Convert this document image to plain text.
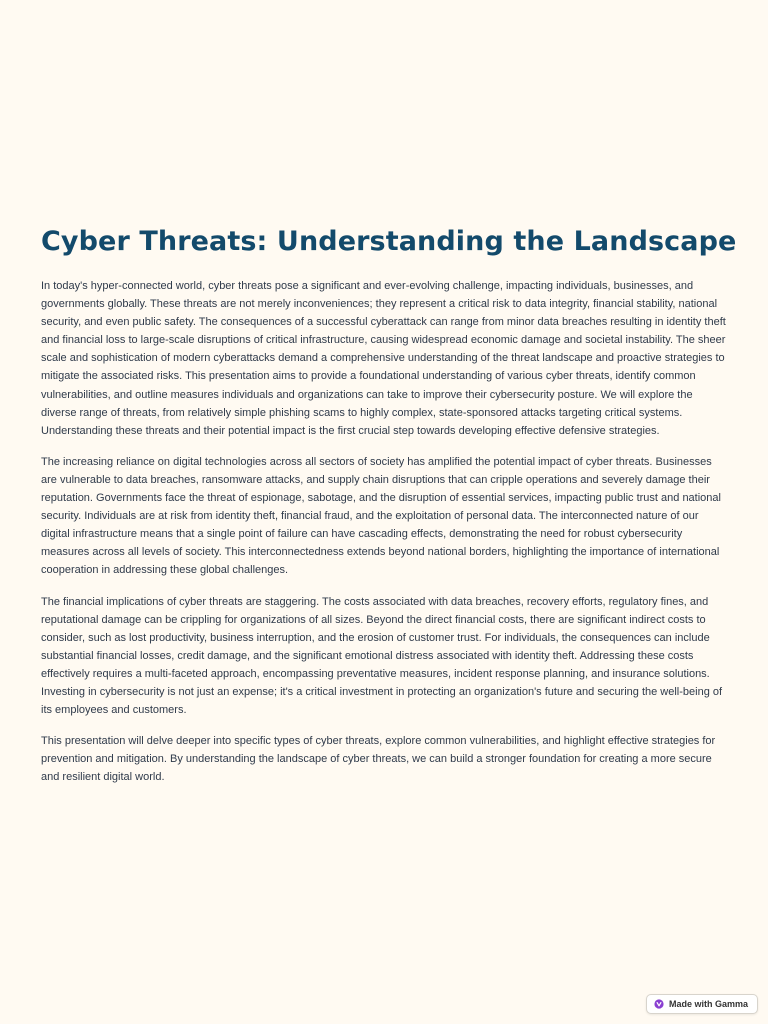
Cyber Threats: Understanding the Landscape

In today's hyper-connected world, cyber threats pose a significant and ever-evolving challenge, impacting individuals, businesses, and governments globally. These threats are not merely inconveniences; they represent a critical risk to data integrity, financial stability, national security, and even public safety. The consequences of a successful cyberattack can range from minor data breaches resulting in identity theft and financial loss to large-scale disruptions of critical infrastructure, causing widespread economic damage and societal instability. The sheer scale and sophistication of modern cyberattacks demand a comprehensive understanding of the threat landscape and proactive strategies to mitigate the associated risks. This presentation aims to provide a foundational understanding of various cyber threats, identify common vulnerabilities, and outline measures individuals and organizations can take to improve their cybersecurity posture. We will explore the diverse range of threats, from relatively simple phishing scams to highly complex, state-sponsored attacks targeting critical systems. Understanding these threats and their potential impact is the first crucial step towards developing effective defensive strategies.

The increasing reliance on digital technologies across all sectors of society has amplified the potential impact of cyber threats. Businesses are vulnerable to data breaches, ransomware attacks, and supply chain disruptions that can cripple operations and severely damage their reputation. Governments face the threat of espionage, sabotage, and the disruption of essential services, impacting public trust and national security. Individuals are at risk from identity theft, financial fraud, and the exploitation of personal data. The interconnected nature of our digital infrastructure means that a single point of failure can have cascading effects, demonstrating the need for robust cybersecurity measures across all levels of society. This interconnectedness extends beyond national borders, highlighting the importance of international cooperation in addressing these global challenges.

The financial implications of cyber threats are staggering. The costs associated with data breaches, recovery efforts, regulatory fines, and reputational damage can be crippling for organizations of all sizes. Beyond the direct financial costs, there are significant indirect costs to consider, such as lost productivity, business interruption, and the erosion of customer trust. For individuals, the consequences can include substantial financial losses, credit damage, and the significant emotional distress associated with identity theft. Addressing these costs effectively requires a multi-faceted approach, encompassing preventative measures, incident response planning, and insurance solutions. Investing in cybersecurity is not just an expense; it's a critical investment in protecting an organization's future and securing the well-being of its employees and customers.

This presentation will delve deeper into specific types of cyber threats, explore common vulnerabilities, and highlight effective strategies for prevention and mitigation. By understanding the landscape of cyber threats, we can build a stronger foundation for creating a more secure and resilient digital world.

Made with Gamma
